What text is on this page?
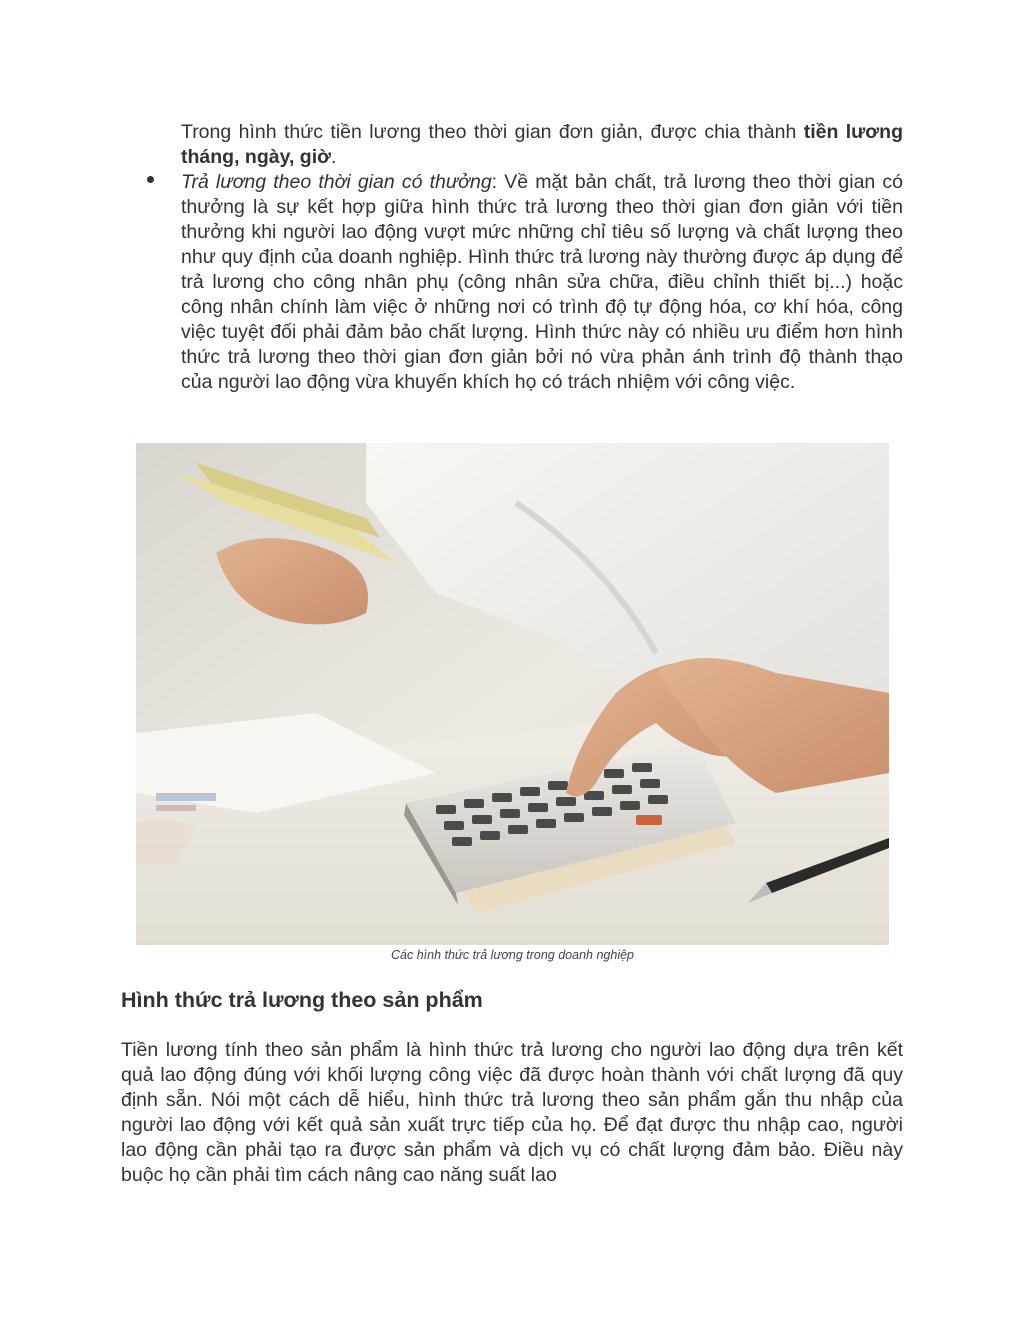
Trong hình thức tiền lương theo thời gian đơn giản, được chia thành tiền lương tháng, ngày, giờ.

Trả lương theo thời gian có thưởng: Về mặt bản chất, trả lương theo thời gian có thưởng là sự kết hợp giữa hình thức trả lương theo thời gian đơn giản với tiền thưởng khi người lao động vượt mức những chỉ tiêu số lượng và chất lượng theo như quy định của doanh nghiệp. Hình thức trả lương này thường được áp dụng để trả lương cho công nhân phụ (công nhân sửa chữa, điều chỉnh thiết bị...) hoặc công nhân chính làm việc ở những nơi có trình độ tự động hóa, cơ khí hóa, công việc tuyệt đối phải đảm bảo chất lượng. Hình thức này có nhiều ưu điểm hơn hình thức trả lương theo thời gian đơn giản bởi nó vừa phản ánh trình độ thành thạo của người lao động vừa khuyến khích họ có trách nhiệm với công việc.

Các hình thức trả lương trong doanh nghiệp
Hình thức trả lương theo sản phẩm

Tiền lương tính theo sản phẩm là hình thức trả lương cho người lao động dựa trên kết quả lao động đúng với khối lượng công việc đã được hoàn thành với chất lượng đã quy định sẵn. Nói một cách dễ hiểu, hình thức trả lương theo sản phẩm gắn thu nhập của người lao động với kết quả sản xuất trực tiếp của họ. Để đạt được thu nhập cao, người lao động cần phải tạo ra được sản phẩm và dịch vụ có chất lượng đảm bảo. Điều này buộc họ cần phải tìm cách nâng cao năng suất lao
